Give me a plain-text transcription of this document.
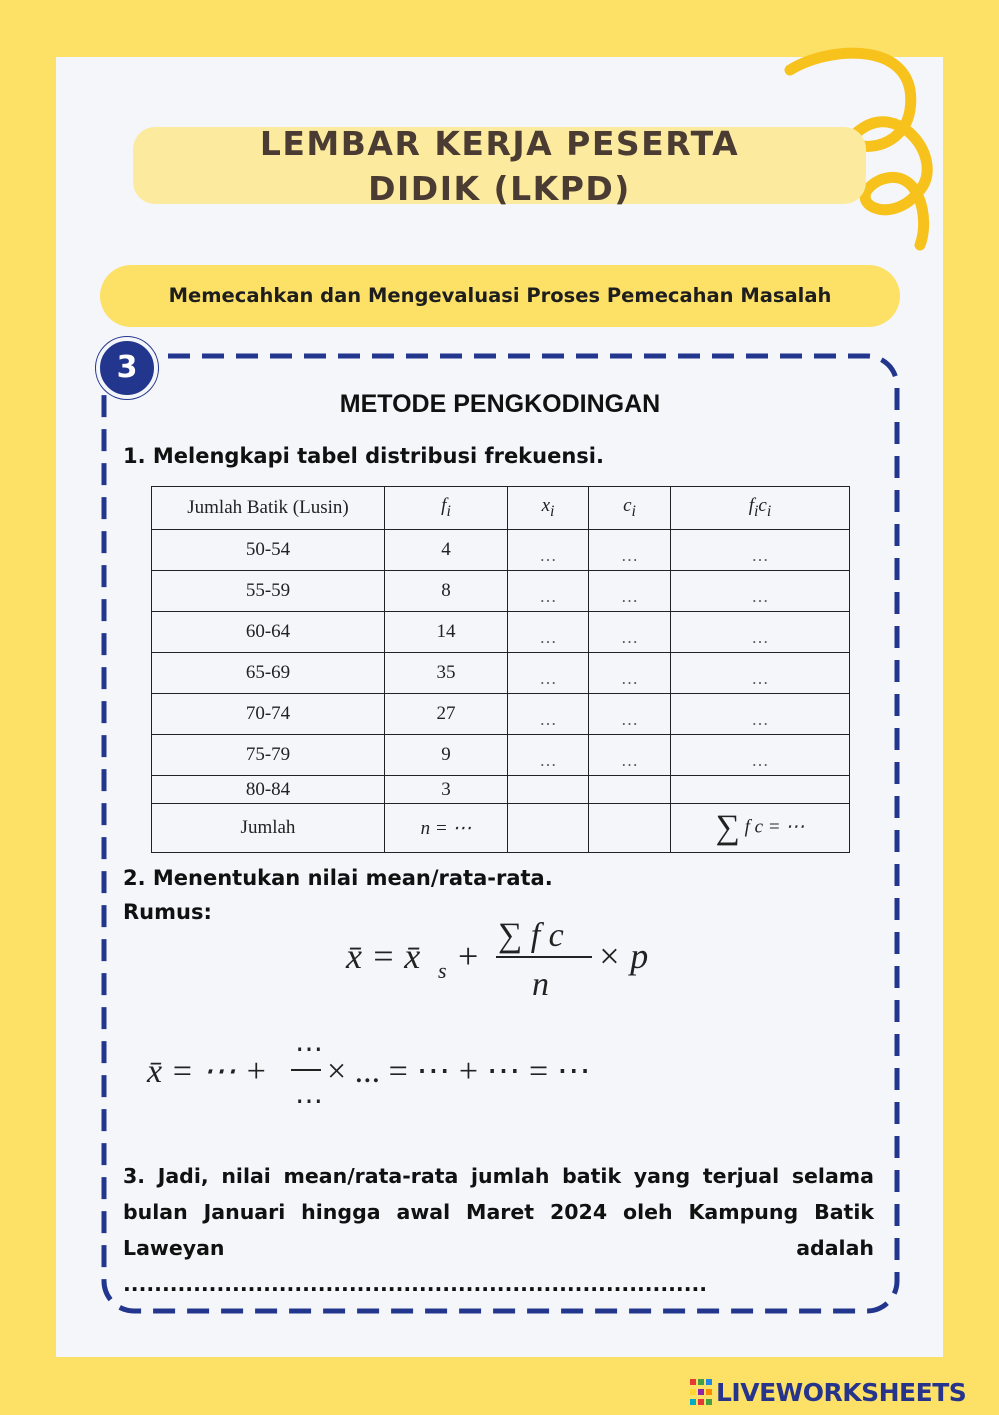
LEMBAR KERJA PESERTA
DIDIK (LKPD)
Memecahkan dan Mengevaluasi Proses Pemecahan Masalah
3
METODE PENGKODINGAN
1. Melengkapi tabel distribusi frekuensi.
Jumlah Batik (Lusin)	$f_i$	$x_i$	$c_i$	$f_ic_i$
50-54	4	…	…	…
55-59	8	…	…	…
60-64	14	…	…	…
65-69	35	…	…	…
70-74	27	…	…	…
75-79	9	…	…	…
80-84	3			
Jumlah	n = ⋯			∑ f c = ⋯
2. Menentukan nilai mean/rata-rata.
Rumus:
x̄ = x̄ s +
∑ f c
n
× p
x̄ = ⋯ +
⋯
⋯
× ... = ⋯ + ⋯ = ⋯

3. Jadi, nilai mean/rata-rata jumlah batik yang terjual selama bulan Januari hingga awal Maret 2024 oleh Kampung Batik Laweyan adalah ...........................................................................

LIVEWORKSHEETS
